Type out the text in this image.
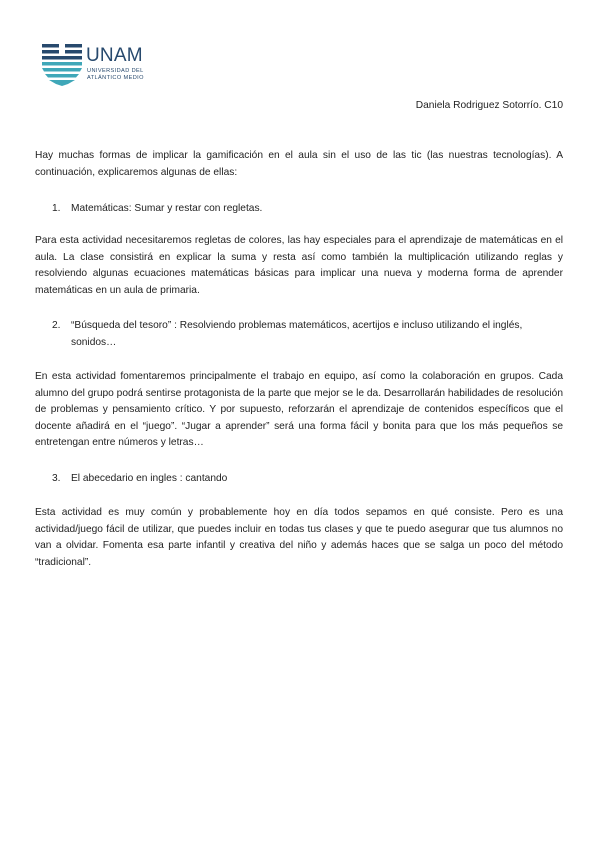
UNAM
UNIVERSIDAD DEL
ATLÁNTICO MEDIO
Daniela Rodriguez Sotorrío. C10

Hay muchas formas de implicar la gamificación en el aula sin el uso de las tic (las nuestras tecnologías). A continuación, explicaremos algunas de ellas:

1.	Matemáticas: Sumar y restar con regletas.

Para esta actividad necesitaremos regletas de colores, las hay especiales para el aprendizaje de matemáticas en el aula. La clase consistirá en explicar la suma y resta así como también la multiplicación utilizando reglas y resolviendo algunas ecuaciones matemáticas básicas para implicar una nueva y moderna forma de aprender matemáticas en un aula de primaria.

2.	“Búsqueda del tesoro” : Resolviendo problemas matemáticos, acertijos e incluso utilizando el inglés, sonidos…

En esta actividad fomentaremos principalmente el trabajo en equipo, así como la colaboración en grupos. Cada alumno del grupo podrá sentirse protagonista de la parte que mejor se le da. Desarrollarán habilidades de resolución de problemas y pensamiento crítico. Y por supuesto, reforzarán el aprendizaje de contenidos específicos que el docente añadirá en el “juego”. “Jugar a aprender” será una forma fácil y bonita para que los más pequeños se entretengan entre números y letras…

3.	El abecedario en ingles : cantando

Esta actividad es muy común y probablemente hoy en día todos sepamos en qué consiste. Pero es una actividad/juego fácil de utilizar, que puedes incluir en todas tus clases y que te puedo asegurar que tus alumnos no van a olvidar. Fomenta esa parte infantil y creativa del niño y además haces que se salga un poco del método “tradicional”.
